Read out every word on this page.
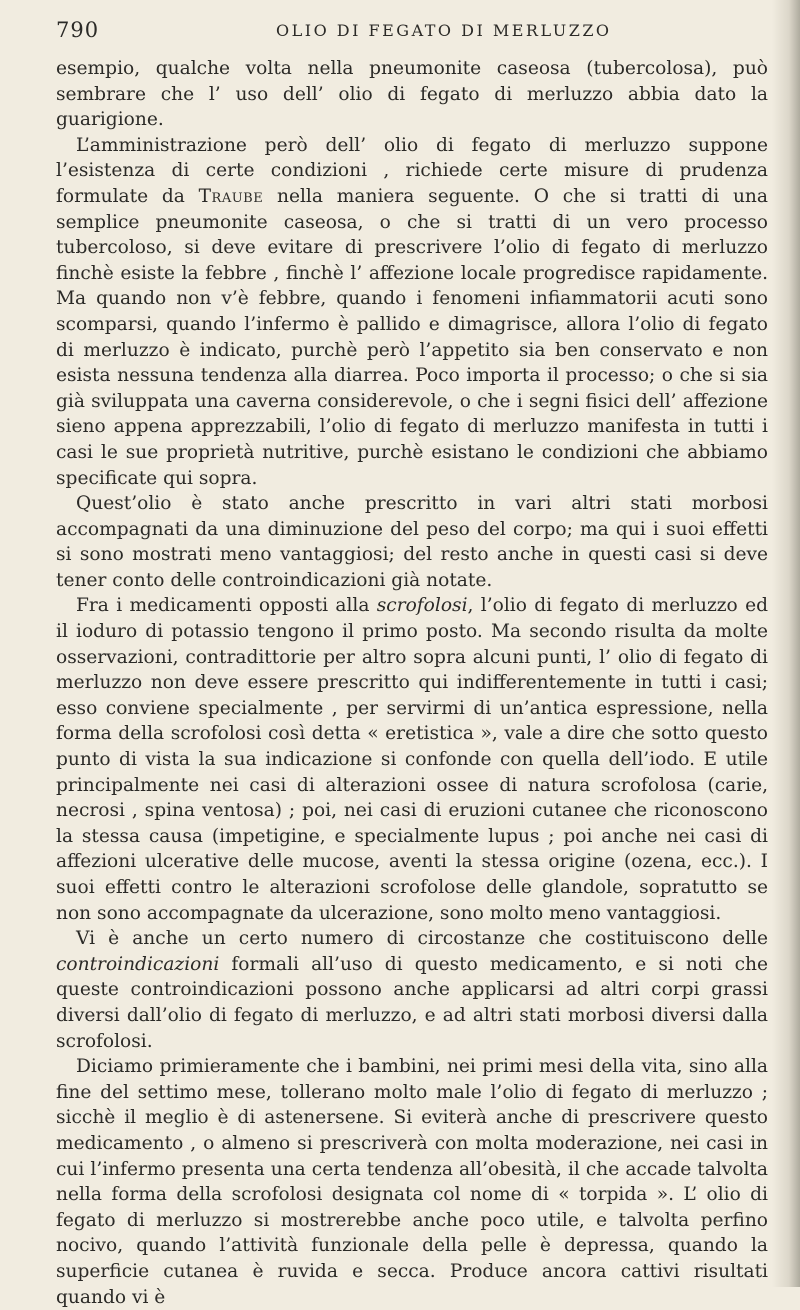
790	OLIO DI FEGATO DI MERLUZZO

esempio, qualche volta nella pneumonite caseosa (tubercolosa), può sembrare che l’ uso dell’ olio di fegato di merluzzo abbia dato la guarigione.

L’amministrazione però dell’ olio di fegato di merluzzo suppone l’esistenza di certe condizioni , richiede certe misure di prudenza formulate da Traube nella maniera seguente. O che si tratti di una semplice pneumonite caseosa, o che si tratti di un vero processo tubercoloso, si deve evitare di prescrivere l’olio di fegato di merluzzo finchè esiste la febbre , finchè l’ affezione locale progredisce rapidamente. Ma quando non v’è febbre, quando i fenomeni infiammatorii acuti sono scomparsi, quando l’infermo è pallido e dimagrisce, allora l’olio di fegato di merluzzo è indicato, purchè però l’appetito sia ben conservato e non esista nessuna tendenza alla diarrea. Poco importa il processo; o che si sia già sviluppata una caverna considerevole, o che i segni fisici dell’ affezione sieno appena apprezzabili, l’olio di fegato di merluzzo manifesta in tutti i casi le sue proprietà nutritive, purchè esistano le condizioni che abbiamo specificate qui sopra.

Quest’olio è stato anche prescritto in vari altri stati morbosi accompagnati da una diminuzione del peso del corpo; ma qui i suoi effetti si sono mostrati meno vantaggiosi; del resto anche in questi casi si deve tener conto delle controindicazioni già notate.

Fra i medicamenti opposti alla scrofolosi, l’olio di fegato di merluzzo ed il ioduro di potassio tengono il primo posto. Ma secondo risulta da molte osservazioni, contradittorie per altro sopra alcuni punti, l’ olio di fegato di merluzzo non deve essere prescritto qui indifferentemente in tutti i casi; esso conviene specialmente , per servirmi di un’antica espressione, nella forma della scrofolosi così detta « eretistica », vale a dire che sotto questo punto di vista la sua indicazione si confonde con quella dell’iodo. E utile principalmente nei casi di alterazioni ossee di natura scrofolosa (carie, necrosi , spina ventosa) ; poi, nei casi di eruzioni cutanee che riconoscono la stessa causa (impetigine, e specialmente lupus ; poi anche nei casi di affezioni ulcerative delle mucose, aventi la stessa origine (ozena, ecc.). I suoi effetti contro le alterazioni scrofolose delle glandole, sopratutto se non sono accompagnate da ulcerazione, sono molto meno vantaggiosi.

Vi è anche un certo numero di circostanze che costituiscono delle controindicazioni formali all’uso di questo medicamento, e si noti che queste controindicazioni possono anche applicarsi ad altri corpi grassi diversi dall’olio di fegato di merluzzo, e ad altri stati morbosi diversi dalla scrofolosi.

Diciamo primieramente che i bambini, nei primi mesi della vita, sino alla fine del settimo mese, tollerano molto male l’olio di fegato di merluzzo ; sicchè il meglio è di astenersene. Si eviterà anche di prescrivere questo medicamento , o almeno si prescriverà con molta moderazione, nei casi in cui l’infermo presenta una certa tendenza all’obesità, il che accade talvolta nella forma della scrofolosi designata col nome di « torpida ». L’ olio di fegato di merluzzo si mostrerebbe anche poco utile, e talvolta perfino nocivo, quando l’attività funzionale della pelle è depressa, quando la superficie cutanea è ruvida e secca. Produce ancora cattivi risultati quando vi è
